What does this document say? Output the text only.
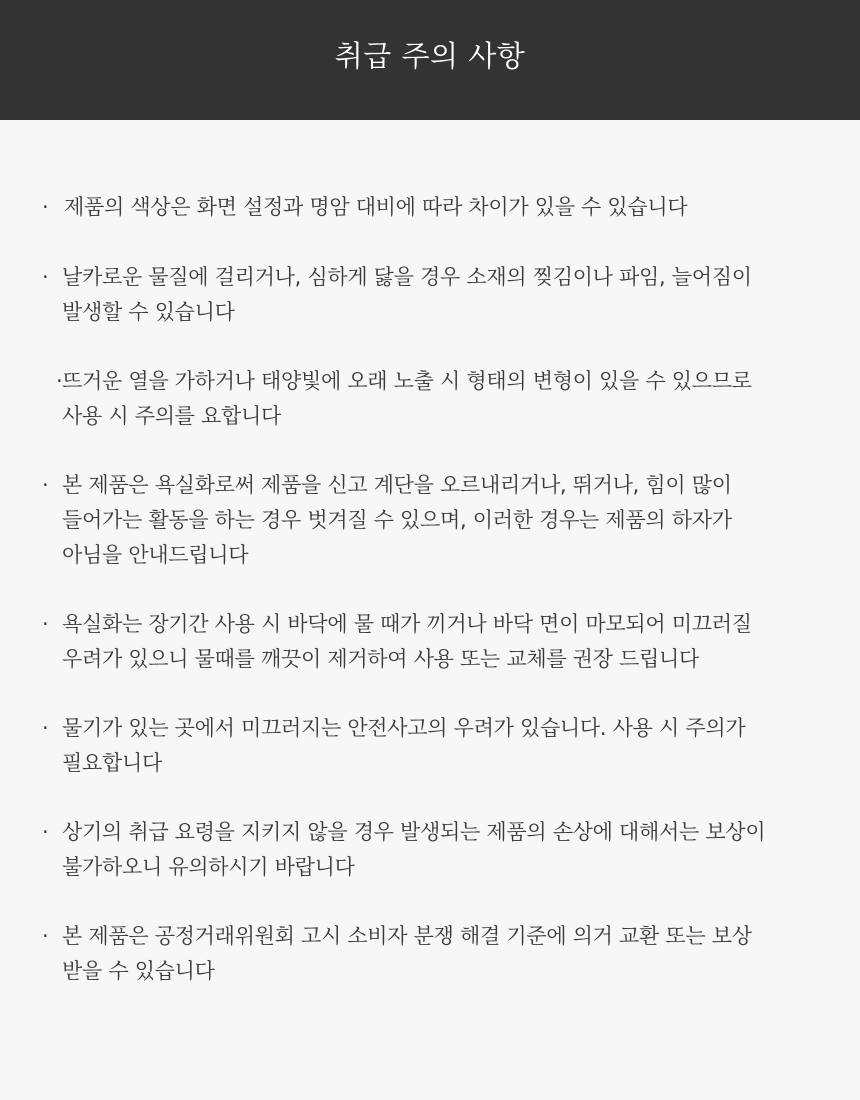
취급 주의 사항
· 제품의 색상은 화면 설정과 명암 대비에 따라 차이가 있을 수 있습니다
· 날카로운 물질에 걸리거나, 심하게 닳을 경우 소재의 찢김이나 파임, 늘어짐이
발생할 수 있습니다
· 뜨거운 열을 가하거나 태양빛에 오래 노출 시 형태의 변형이 있을 수 있으므로
사용 시 주의를 요합니다
· 본 제품은 욕실화로써 제품을 신고 계단을 오르내리거나, 뛰거나, 힘이 많이
들어가는 활동을 하는 경우 벗겨질 수 있으며, 이러한 경우는 제품의 하자가
아님을 안내드립니다
· 욕실화는 장기간 사용 시 바닥에 물 때가 끼거나 바닥 면이 마모되어 미끄러질
우려가 있으니 물때를 깨끗이 제거하여 사용 또는 교체를 권장 드립니다
· 물기가 있는 곳에서 미끄러지는 안전사고의 우려가 있습니다. 사용 시 주의가
필요합니다
· 상기의 취급 요령을 지키지 않을 경우 발생되는 제품의 손상에 대해서는 보상이
불가하오니 유의하시기 바랍니다
· 본 제품은 공정거래위원회 고시 소비자 분쟁 해결 기준에 의거 교환 또는 보상
받을 수 있습니다
